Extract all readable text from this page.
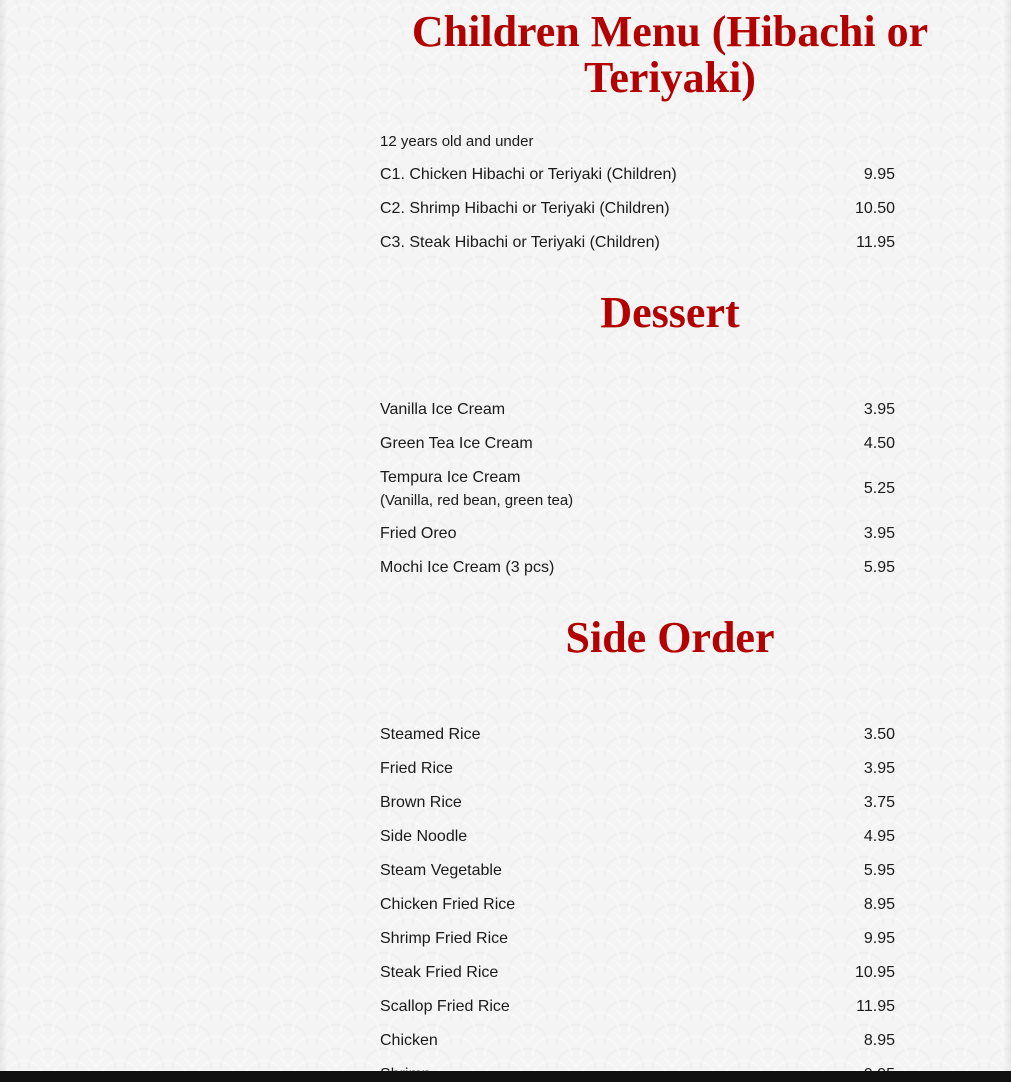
Children Menu (Hibachi or Teriyaki)
12 years old and under
C1. Chicken Hibachi or Teriyaki (Children)	9.95
C2. Shrimp Hibachi or Teriyaki (Children)	10.50
C3. Steak Hibachi or Teriyaki (Children)	11.95
Dessert
Vanilla Ice Cream	3.95
Green Tea Ice Cream	4.50
Tempura Ice Cream
(Vanilla, red bean, green tea)
5.25
Fried Oreo	3.95
Mochi Ice Cream (3 pcs)	5.95
Side Order
Steamed Rice	3.50
Fried Rice	3.95
Brown Rice	3.75
Side Noodle	4.95
Steam Vegetable	5.95
Chicken Fried Rice	8.95
Shrimp Fried Rice	9.95
Steak Fried Rice	10.95
Scallop Fried Rice	11.95
Chicken	8.95
